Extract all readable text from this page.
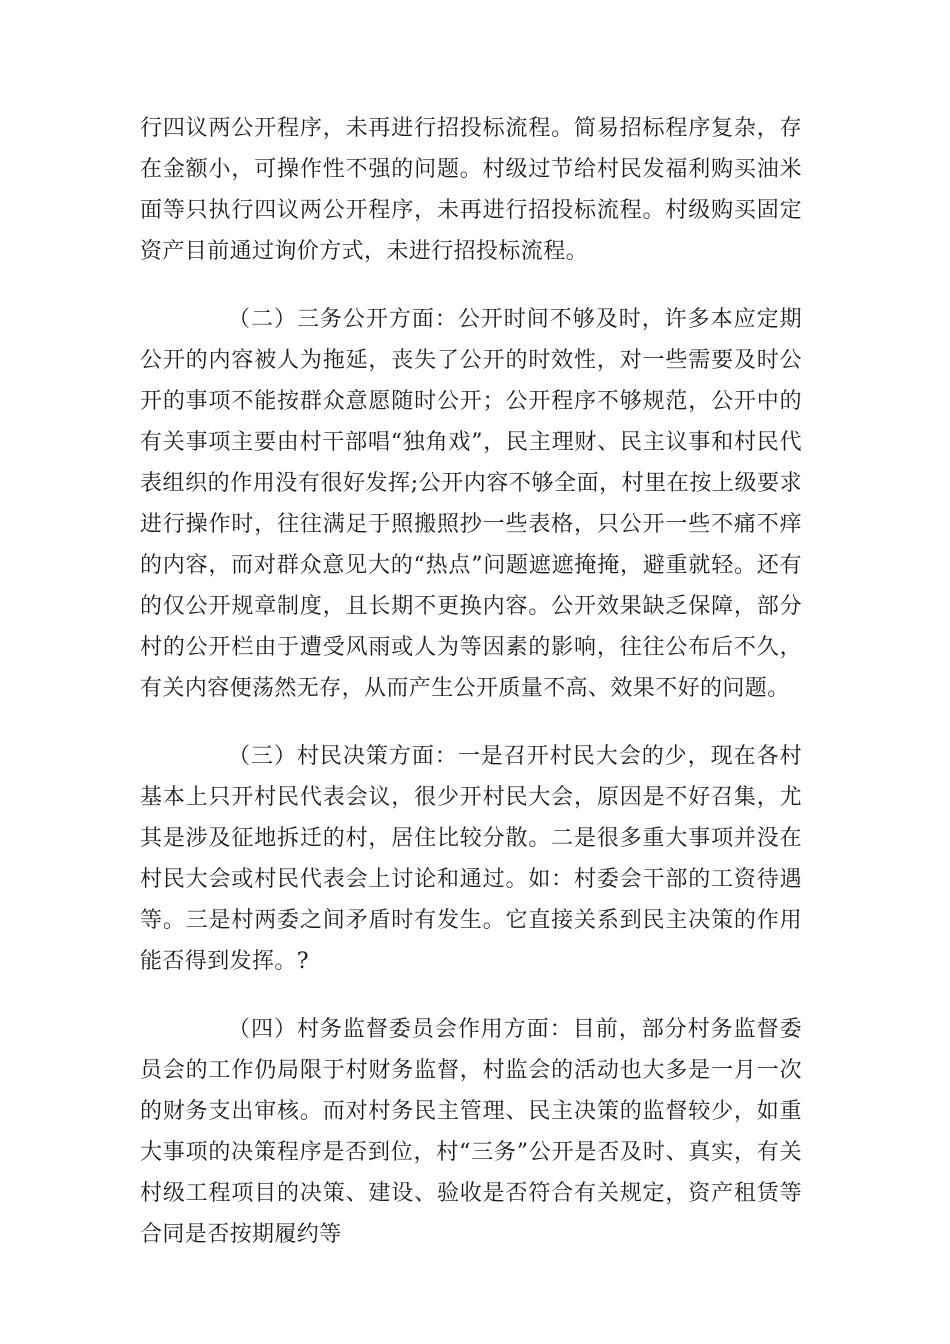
行四议两公开程序，未再进行招投标流程。简易招标程序复杂，存在金额小，可操作性不强的问题。村级过节给村民发福利购买油米面等只执行四议两公开程序，未再进行招投标流程。村级购买固定资产目前通过询价方式，未进行招投标流程。

（二）三务公开方面：公开时间不够及时，许多本应定期公开的内容被人为拖延，丧失了公开的时效性，对一些需要及时公开的事项不能按群众意愿随时公开；公开程序不够规范，公开中的有关事项主要由村干部唱“独角戏”，民主理财、民主议事和村民代表组织的作用没有很好发挥;公开内容不够全面，村里在按上级要求进行操作时，往往满足于照搬照抄一些表格，只公开一些不痛不痒的内容，而对群众意见大的“热点”问题遮遮掩掩，避重就轻。还有的仅公开规章制度，且长期不更换内容。公开效果缺乏保障，部分村的公开栏由于遭受风雨或人为等因素的影响，往往公布后不久，有关内容便荡然无存，从而产生公开质量不高、效果不好的问题。

（三）村民决策方面：一是召开村民大会的少，现在各村基本上只开村民代表会议，很少开村民大会，原因是不好召集，尤其是涉及征地拆迁的村，居住比较分散。二是很多重大事项并没在村民大会或村民代表会上讨论和通过。如：村委会干部的工资待遇等。三是村两委之间矛盾时有发生。它直接关系到民主决策的作用能否得到发挥。?

（四）村务监督委员会作用方面：目前，部分村务监督委员会的工作仍局限于村财务监督，村监会的活动也大多是一月一次的财务支出审核。而对村务民主管理、民主决策的监督较少，如重大事项的决策程序是否到位，村“三务”公开是否及时、真实，有关村级工程项目的决策、建设、验收是否符合有关规定，资产租赁等合同是否按期履约等
